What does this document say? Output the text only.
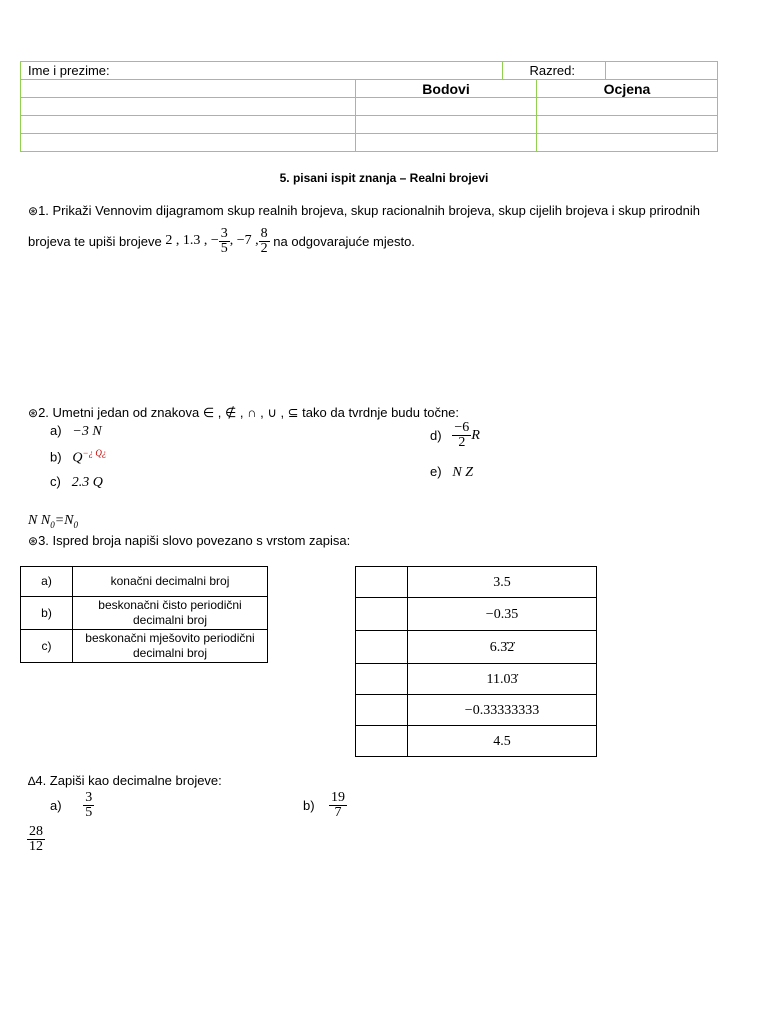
Ime i prezime:		Razred:		
	Bodovi		Ocjena	

5. pisani ispit znanja – Realni brojevi
⊛1. Prikaži Vennovim dijagramom skup realnih brojeva, skup racionalnih brojeva, skup cijelih brojeva i skup prirodnih
brojeva te upiši brojeve
2 , 1.3 , − $\frac{3}{5}$ , −7 , $\frac{8}{2}$
na odgovarajuće mjesto.
⊛2. Umetni jedan od znakova ∈ , ∉ , ∩ , ∪ , ⊆ tako da tvrdnje budu točne:
a) −3 N
b) $Q^{-¿ Q¿}$
c) 2.3 Q
d)
$\frac{-6}{2}$ R
e) N Z
N $N_0=N_0$
⊛3. Ispred broja napiši slovo povezano s vrstom zapisa:
a)	konačni decimalni broj
b)	beskonačni čisto periodični decimalni broj
c)	beskonačni mješovito periodični decimalni broj
	3.5
	−0.35
	6.3̇2̇
	11.03̇
	−0.33333333
	4.5
∆4. Zapiši kao decimalne brojeve:
a)
$\frac{3}{5}$	b)
$\frac{19}{7}$
$\frac{28}{12}$
